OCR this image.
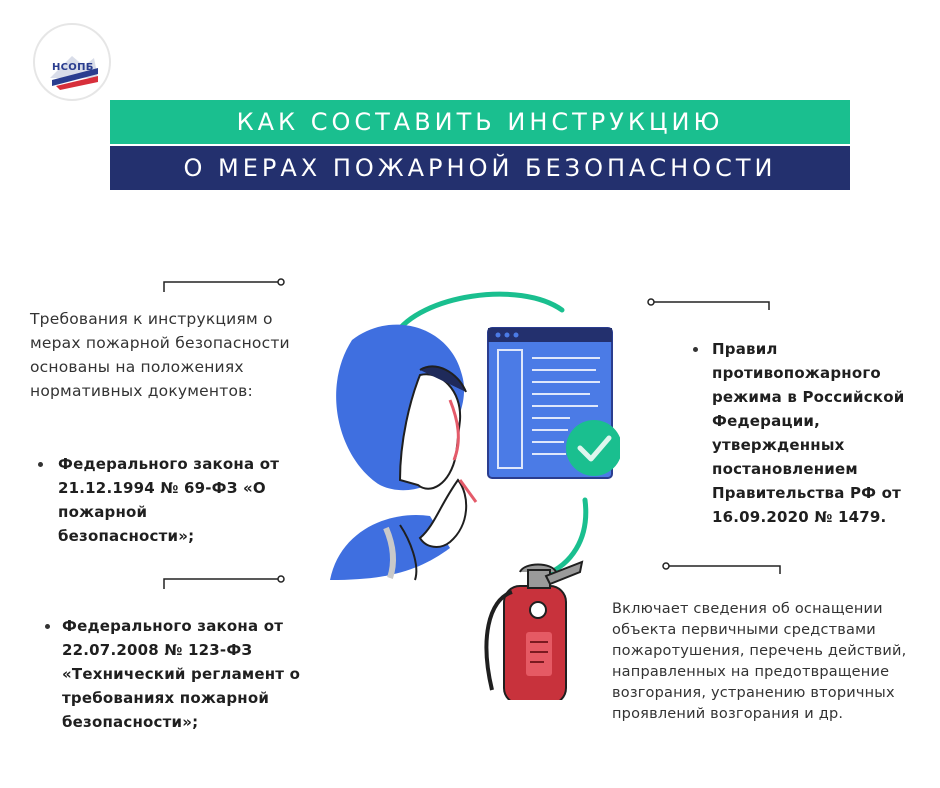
НСОПБ
КАК СОСТАВИТЬ ИНСТРУКЦИЮ
О МЕРАХ ПОЖАРНОЙ БЕЗОПАСНОСТИ
Требования к инструкциям о мерах пожарной безопасности основаны на положениях нормативных документов:
Федерального закона от 21.12.1994 № 69-ФЗ «О пожарной безопасности»;
Федерального закона от 22.07.2008 № 123-ФЗ «Технический регламент о требованиях пожарной безопасности»;
Правил противопожарного режима в Российской Федерации, утвержденных постановлением Правительства РФ от 16.09.2020 № 1479.
Включает сведения об оснащении объекта первичными средствами пожаротушения, перечень действий, направленных на предотвращение возгорания, устранению вторичных проявлений возгорания и др.
